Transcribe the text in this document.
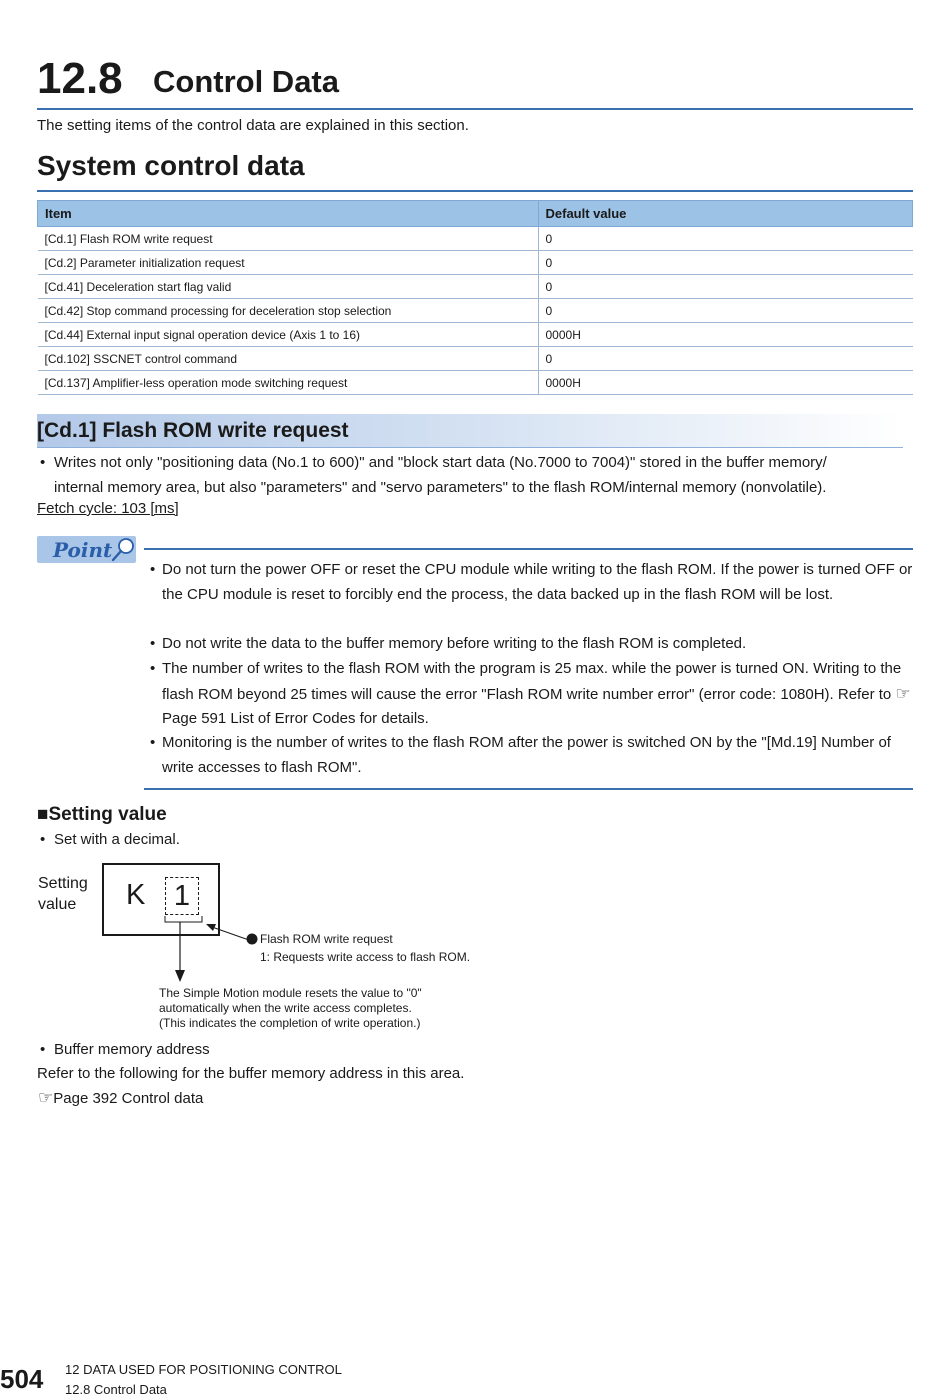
12.8 Control Data
The setting items of the control data are explained in this section.
System control data
Item	Default value
[Cd.1] Flash ROM write request	0
[Cd.2] Parameter initialization request	0
[Cd.41] Deceleration start flag valid	0
[Cd.42] Stop command processing for deceleration stop selection	0
[Cd.44] External input signal operation device (Axis 1 to 16)	0000H
[Cd.102] SSCNET control command	0
[Cd.137] Amplifier-less operation mode switching request	0000H
[Cd.1] Flash ROM write request
• Writes not only "positioning data (No.1 to 600)" and "block start data (No.7000 to 7004)" stored in the buffer memory/
internal memory area, but also "parameters" and "servo parameters" to the flash ROM/internal memory (nonvolatile).
Fetch cycle: 103 [ms]
Point
• Do not turn the power OFF or reset the CPU module while writing to the flash ROM. If the power is turned OFF or the CPU module is reset to forcibly end the process, the data backed up in the flash ROM will be lost.
• Do not write the data to the buffer memory before writing to the flash ROM is completed.
• The number of writes to the flash ROM with the program is 25 max. while the power is turned ON. Writing to the flash ROM beyond 25 times will cause the error "Flash ROM write number error" (error code: 1080H). Refer to ☞Page 591 List of Error Codes for details.
• Monitoring is the number of writes to the flash ROM after the power is switched ON by the "[Md.19] Number of write accesses to flash ROM".
■Setting value
• Set with a decimal.
Setting
value	K 1
Flash ROM write request
1: Requests write access to flash ROM.
The Simple Motion module resets the value to "0"
automatically when the write access completes.
(This indicates the completion of write operation.)
• Buffer memory address
Refer to the following for the buffer memory address in this area.
☞Page 392 Control data
504 12 DATA USED FOR POSITIONING CONTROL
12.8 Control Data
